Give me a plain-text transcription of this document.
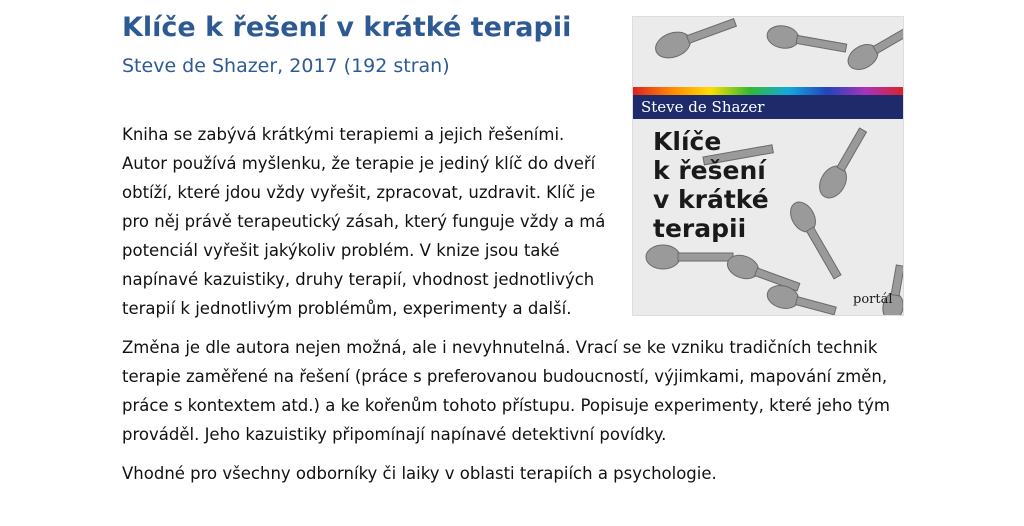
Klíče k řešení v krátké terapii
Steve de Shazer, 2017 (192 stran)
Steve de Shazer
Klíče
k řešení
v krátké
terapii
portál

Kniha se zabývá krátkými terapiemi a jejich řešeními. Autor používá myšlenku, že terapie je jediný klíč do dveří obtíží, které jdou vždy vyřešit, zpracovat, uzdravit. Klíč je pro něj právě terapeutický zásah, který funguje vždy a má potenciál vyřešit jakýkoliv problém. V knize jsou také napínavé kazuistiky, druhy terapií, vhodnost jednotlivých terapií k jednotlivým problémům, experimenty a další.

Změna je dle autora nejen možná, ale i nevyhnutelná. Vrací se ke vzniku tradičních technik terapie zaměřené na řešení (práce s preferovanou budoucností, výjimkami, mapování změn, práce s kontextem atd.) a ke kořenům tohoto přístupu. Popisuje experimenty, které jeho tým prováděl. Jeho kazuistiky připomínají napínavé detektivní povídky.

Vhodné pro všechny odborníky či laiky v oblasti terapiích a psychologie.
